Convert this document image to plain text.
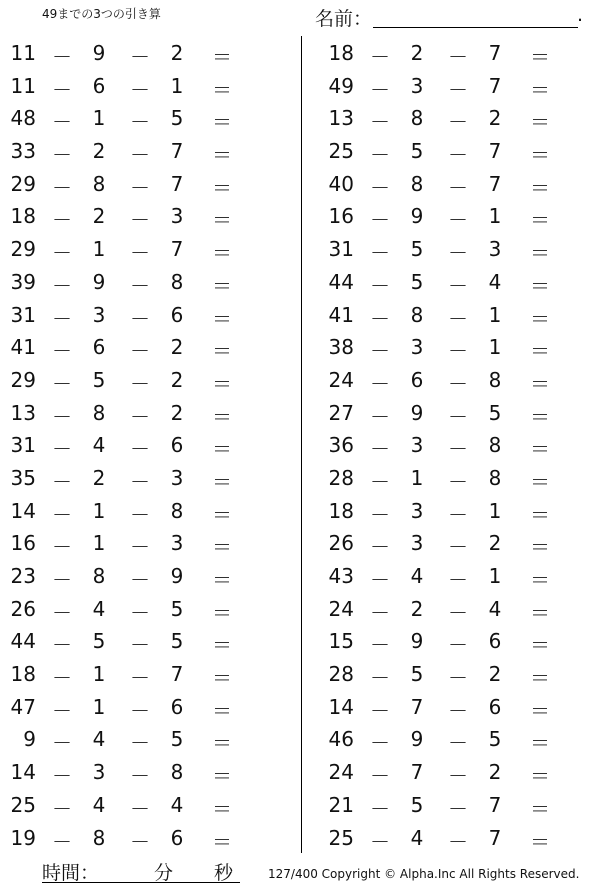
49までの3つの引き算	名前：	.
11 － 9 － 2 ＝
11 － 6 － 1 ＝
48 － 1 － 5 ＝
33 － 2 － 7 ＝
29 － 8 － 7 ＝
18 － 2 － 3 ＝
29 － 1 － 7 ＝
39 － 9 － 8 ＝
31 － 3 － 6 ＝
41 － 6 － 2 ＝
29 － 5 － 2 ＝
13 － 8 － 2 ＝
31 － 4 － 6 ＝
35 － 2 － 3 ＝
14 － 1 － 8 ＝
16 － 1 － 3 ＝
23 － 8 － 9 ＝
26 － 4 － 5 ＝
44 － 5 － 5 ＝
18 － 1 － 7 ＝
47 － 1 － 6 ＝
9 － 4 － 5 ＝
14 － 3 － 8 ＝
25 － 4 － 4 ＝
19 － 8 － 6 ＝
18 － 2 － 7 ＝
49 － 3 － 7 ＝
13 － 8 － 2 ＝
25 － 5 － 7 ＝
40 － 8 － 7 ＝
16 － 9 － 1 ＝
31 － 5 － 3 ＝
44 － 5 － 4 ＝
41 － 8 － 1 ＝
38 － 3 － 1 ＝
24 － 6 － 8 ＝
27 － 9 － 5 ＝
36 － 3 － 8 ＝
28 － 1 － 8 ＝
18 － 3 － 1 ＝
26 － 3 － 2 ＝
43 － 4 － 1 ＝
24 － 2 － 4 ＝
15 － 9 － 6 ＝
28 － 5 － 2 ＝
14 － 7 － 6 ＝
46 － 9 － 5 ＝
24 － 7 － 2 ＝
21 － 5 － 7 ＝
25 － 4 － 7 ＝
時間：	分 秒	127/400 Copyright © Alpha.Inc All Rights Reserved.
